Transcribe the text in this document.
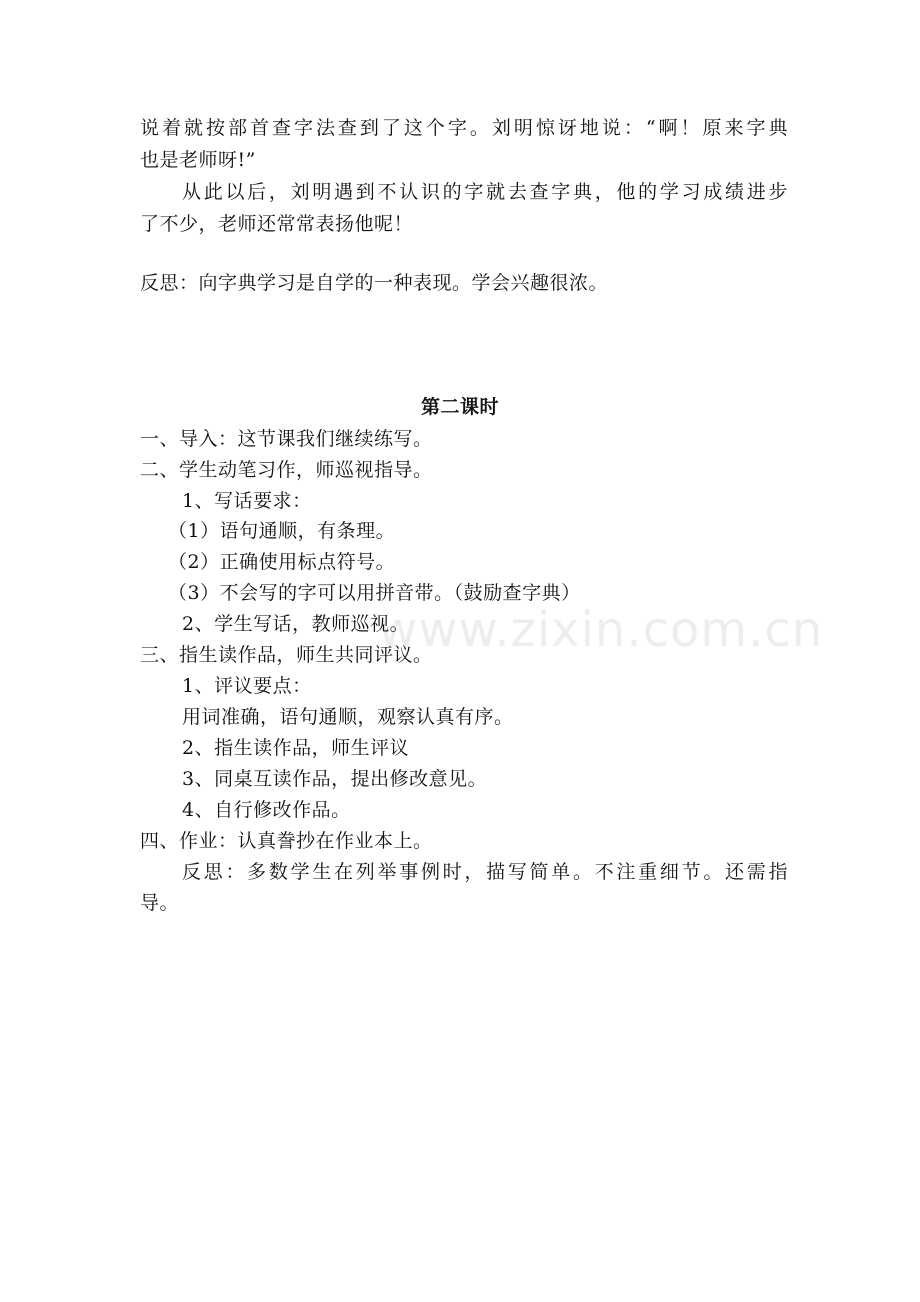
说着就按部首查字法查到了这个字。刘明惊讶地说：“啊！原来字典
也是老师呀!”
从此以后，刘明遇到不认识的字就去查字典，他的学习成绩进步
了不少，老师还常常表扬他呢！
反思：向字典学习是自学的一种表现。学会兴趣很浓。
第二课时
一、导入：这节课我们继续练写。
二、学生动笔习作，师巡视指导。
1、写话要求：
（1）语句通顺，有条理。
（2）正确使用标点符号。
（3）不会写的字可以用拼音带。（鼓励查字典）
2、学生写话，教师巡视。
三、指生读作品，师生共同评议。
1、评议要点：
用词准确，语句通顺，观察认真有序。
2、指生读作品，师生评议
3、同桌互读作品，提出修改意见。
4、自行修改作品。
四、作业：认真誊抄在作业本上。
反思：多数学生在列举事例时，描写简单。不注重细节。还需指
导。
www.zixin.com.cn
